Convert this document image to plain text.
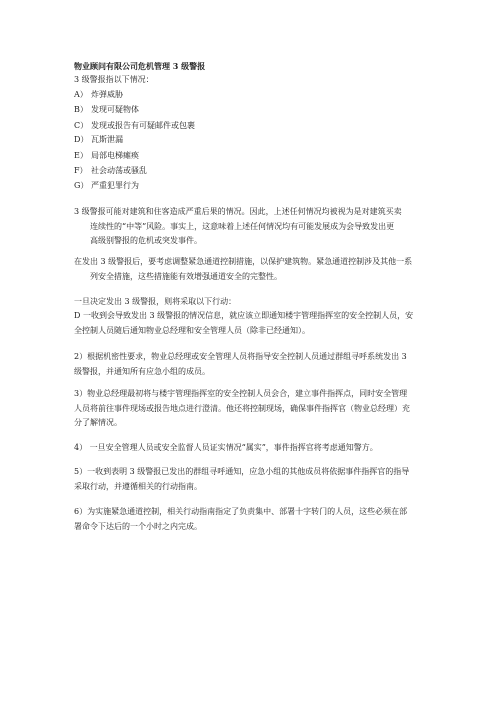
物业顾问有限公司危机管理 3 级警报
3 级警报指以下情况：
A） 炸弹威胁
B） 发现可疑物体
C） 发现或报告有可疑邮件或包裹
D） 瓦斯泄漏
E） 局部电梯瘫痪
F） 社会动荡或骚乱
G） 严重犯罪行为
3 级警报可能对建筑和住客造成严重后果的情况。因此，上述任何情况均被视为是对建筑买卖
连续性的“中等”风险。事实上，这意味着上述任何情况均有可能发展成为会导致发出更
高级别警报的危机或突发事件。
在发出 3 级警报后，要考虑调整紧急通道控制措施，以保护建筑物。紧急通道控制涉及其他一系
列安全措施，这些措施能有效增强通道安全的完整性。
一旦决定发出 3 级警报，则将采取以下行动：
D 一收到会导致发出 3 级警报的情况信息，就应该立即通知楼宇管理指挥室的安全控制人员，安
全控制人员随后通知物业总经理和安全管理人员（除非已经通知）。
2）根据机密性要求，物业总经理或安全管理人员将指导安全控制人员通过群组寻呼系统发出 3
级警报，并通知所有应急小组的成员。
3）物业总经理最初将与楼宇管理指挥室的安全控制人员会合，建立事件指挥点，同时安全管理
人员将前往事件现场或报告地点进行澄清。他还将控制现场，确保事件指挥官（物业总经理）充
分了解情况。
4） 一旦安全管理人员或安全监督人员证实情况“属实”，事件指挥官将考虑通知警方。
5）一收到表明 3 级警报已发出的群组寻呼通知，应急小组的其他成员将依据事件指挥官的指导
采取行动，并遵循相关的行动指南。
6）为实施紧急通道控制，相关行动指南指定了负责集中、部署十字转门的人员，这些必须在部
署命令下达后的一个小时之内完成。
